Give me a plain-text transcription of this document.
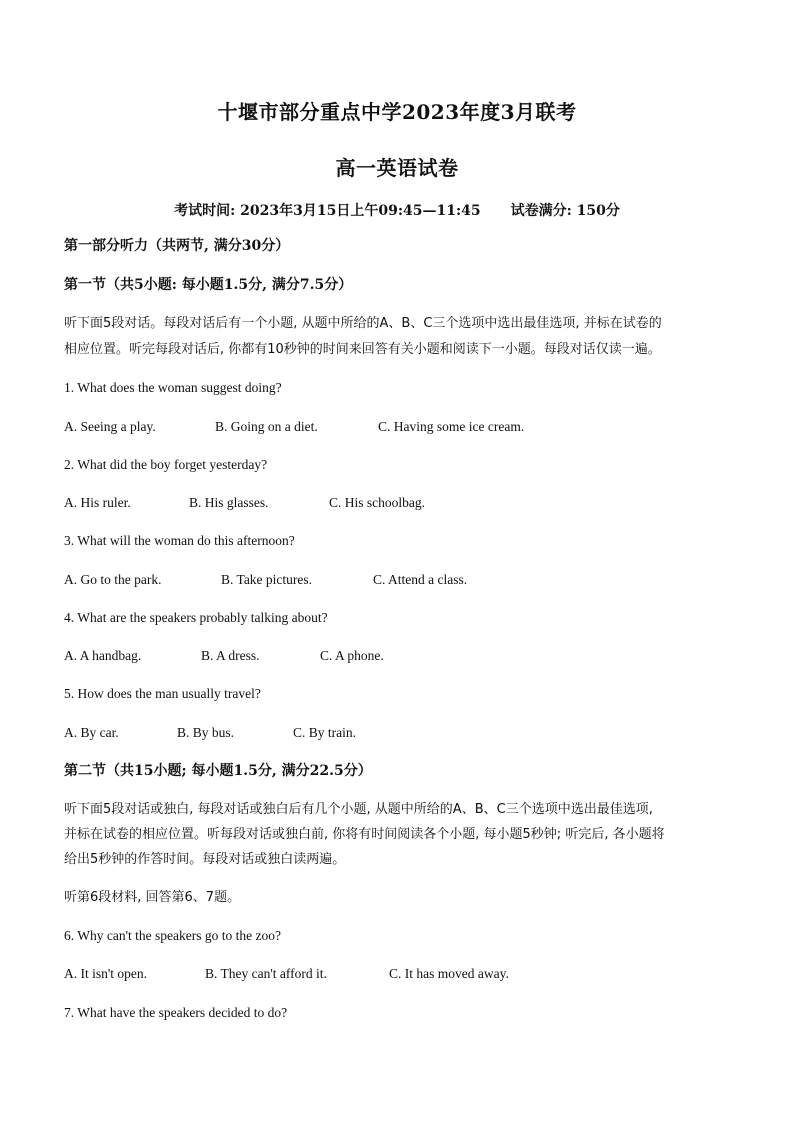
十堰市部分重点中学2023年度3月联考
高一英语试卷
考试时间: 2023年3月15日上午09:45—11:45 试卷满分: 150分
第一部分听力（共两节, 满分30分）
第一节（共5小题: 每小题1.5分, 满分7.5分）
听下面5段对话。每段对话后有一个小题, 从题中所给的A、B、C三个选项中选出最佳选项, 并标在试卷的
相应位置。听完每段对话后, 你都有10秒钟的时间来回答有关小题和阅读下一小题。每段对话仅读一遍。
1. What does the woman suggest doing?
A. Seeing a play.	B. Going on a diet.	C. Having some ice cream.
2. What did the boy forget yesterday?
A. His ruler.	B. His glasses.	C. His schoolbag.
3. What will the woman do this afternoon?
A. Go to the park.	B. Take pictures.	C. Attend a class.
4. What are the speakers probably talking about?
A. A handbag.	B. A dress.	C. A phone.
5. How does the man usually travel?
A. By car.	B. By bus.	C. By train.
第二节（共15小题; 每小题1.5分, 满分22.5分）
听下面5段对话或独白, 每段对话或独白后有几个小题, 从题中所给的A、B、C三个选项中选出最佳选项,
并标在试卷的相应位置。听每段对话或独白前, 你将有时间阅读各个小题, 每小题5秒钟; 听完后, 各小题将
给出5秒钟的作答时间。每段对话或独白读两遍。
听第6段材料, 回答第6、7题。
6. Why can't the speakers go to the zoo?
A. It isn't open.	B. They can't afford it.	C. It has moved away.
7. What have the speakers decided to do?
